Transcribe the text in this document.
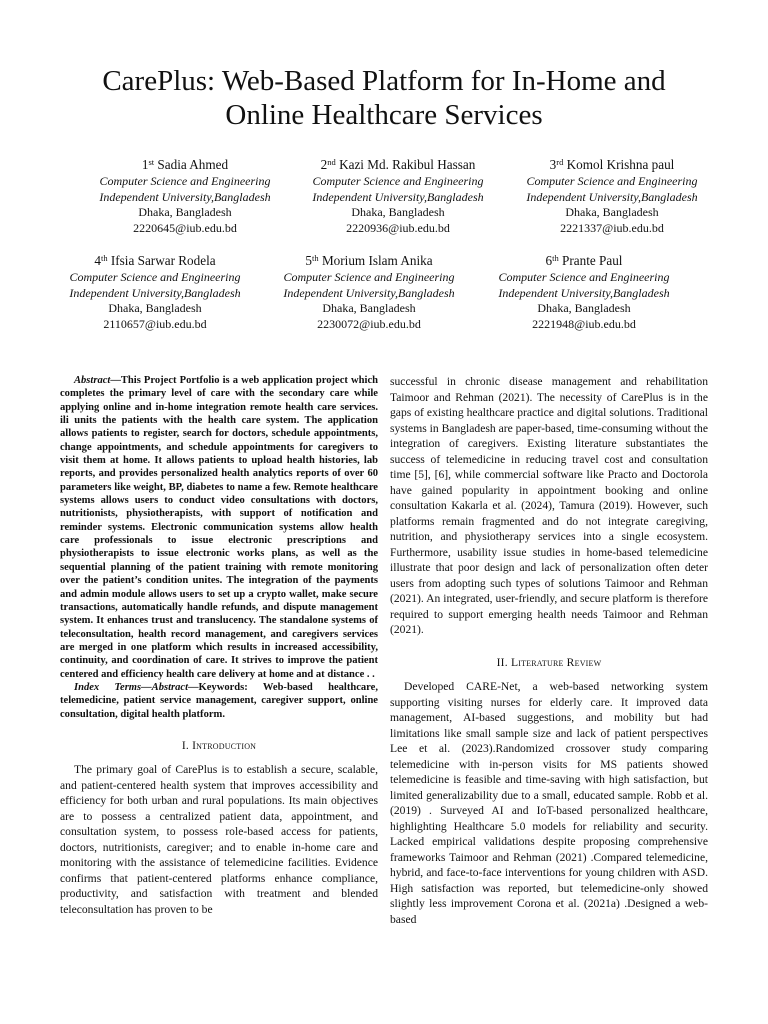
CarePlus: Web-Based Platform for In-Home and
Online Healthcare Services
1st Sadia Ahmed
Computer Science and Engineering
Independent University,Bangladesh
Dhaka, Bangladesh
2220645@iub.edu.bd
2nd Kazi Md. Rakibul Hassan
Computer Science and Engineering
Independent University,Bangladesh
Dhaka, Bangladesh
2220936@iub.edu.bd
3rd Komol Krishna paul
Computer Science and Engineering
Independent University,Bangladesh
Dhaka, Bangladesh
2221337@iub.edu.bd
4th Ifsia Sarwar Rodela
Computer Science and Engineering
Independent University,Bangladesh
Dhaka, Bangladesh
2110657@iub.edu.bd
5th Morium Islam Anika
Computer Science and Engineering
Independent University,Bangladesh
Dhaka, Bangladesh
2230072@iub.edu.bd
6th Prante Paul
Computer Science and Engineering
Independent University,Bangladesh
Dhaka, Bangladesh
2221948@iub.edu.bd

Abstract—This Project Portfolio is a web application project which completes the primary level of care with the secondary care while applying online and in-home integration remote health care services. ili units the patients with the health care system. The application allows patients to register, search for doctors, schedule appointments, change appointments, and schedule appointments for caregivers to visit them at home. It allows patients to upload health histories, lab reports, and provides personalized health analytics reports of over 60 parameters like weight, BP, diabetes to name a few. Remote healthcare systems allows users to conduct video consultations with doctors, nutritionists, physiotherapists, with support of notification and reminder systems. Electronic communication systems allow health care professionals to issue electronic prescriptions and physiotherapists to issue electronic works plans, as well as the sequential planning of the patient training with remote monitoring over the patient’s condition unites. The integration of the payments and admin module allows users to set up a crypto wallet, make secure transactions, automatically handle refunds, and dispute management system. It enhances trust and translucency. The standalone systems of teleconsultation, health record management, and caregivers services are merged in one platform which results in increased accessibility, continuity, and coordination of care. It strives to improve the patient centered and efficiency health care delivery at home and at distance . .

Index Terms—Abstract—Keywords: Web-based healthcare, telemedicine, patient service management, caregiver support, online consultation, digital health platform.

I. Introduction

The primary goal of CarePlus is to establish a secure, scalable, and patient-centered health system that improves accessibility and efficiency for both urban and rural populations. Its main objectives are to possess a centralized patient data, appointment, and consultation system, to possess role-based access for patients, doctors, nutritionists, caregiver; and to enable in-home care and monitoring with the assistance of telemedicine facilities. Evidence confirms that patient-centered platforms enhance compliance, productivity, and satisfaction with treatment and blended teleconsultation has proven to be

successful in chronic disease management and rehabilitation Taimoor and Rehman (2021). The necessity of CarePlus is in the gaps of existing healthcare practice and digital solutions. Traditional systems in Bangladesh are paper-based, time-consuming without the integration of caregivers. Existing literature substantiates the success of telemedicine in reducing travel cost and consultation time [5], [6], while commercial software like Practo and Doctorola have gained popularity in appointment booking and online consultation Kakarla et al. (2024), Tamura (2019). However, such platforms remain fragmented and do not integrate caregiving, nutrition, and physiotherapy services into a single ecosystem. Furthermore, usability issue studies in home-based telemedicine illustrate that poor design and lack of personalization often deter users from adopting such types of solutions Taimoor and Rehman (2021). An integrated, user-friendly, and secure platform is therefore required to support emerging health needs Taimoor and Rehman (2021).

II. Literature Review

Developed CARE-Net, a web-based networking system supporting visiting nurses for elderly care. It improved data management, AI-based suggestions, and mobility but had limitations like small sample size and lack of patient perspectives Lee et al. (2023).Randomized crossover study comparing telemedicine with in-person visits for MS patients showed telemedicine is feasible and time-saving with high satisfaction, but limited generalizability due to a small, educated sample. Robb et al. (2019) . Surveyed AI and IoT-based personalized healthcare, highlighting Healthcare 5.0 models for reliability and security. Lacked empirical validations despite proposing comprehensive frameworks Taimoor and Rehman (2021) .Compared telemedicine, hybrid, and face-to-face interventions for young children with ASD. High satisfaction was reported, but telemedicine-only showed slightly less improvement Corona et al. (2021a) .Designed a web-based
